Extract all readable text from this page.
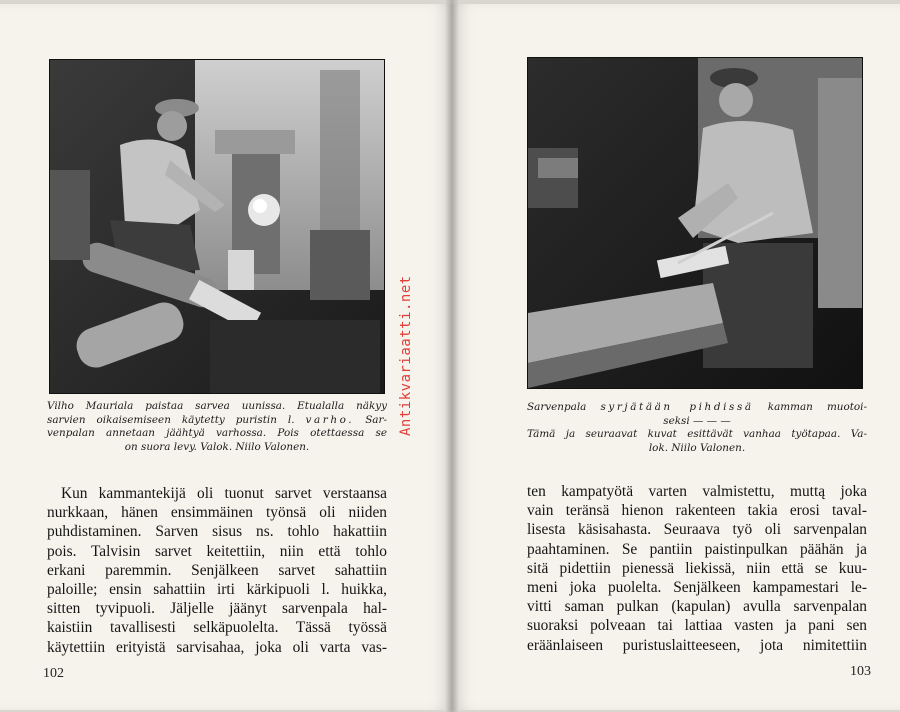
Vilho Mauriala paistaa sarvea uunissa. Etualalla näkyy
sarvien oikaisemiseen käytetty puristin l. varho. Sar-
venpalan annetaan jäähtyä varhossa. Pois otettaessa se
on suora levy. Valok. Niilo Valonen.
Kun kammantekijä oli tuonut sarvet verstaansa
nurkkaan, hänen ensimmäinen työnsä oli niiden
puhdistaminen. Sarven sisus ns. tohlo hakattiin
pois. Talvisin sarvet keitettiin, niin että tohlo
erkani paremmin. Senjälkeen sarvet sahattiin
paloille; ensin sahattiin irti kärkipuoli l. huikka,
sitten tyvipuoli. Jäljelle jäänyt sarvenpala hal-
kaistiin tavallisesti selkäpuolelta. Tässä työssä
käytettiin erityistä sarvisahaa, joka oli varta vas-
102
Sarvenpala syrjätään pihdissä kamman muotoi-
seksi — — —
Tämä ja seuraavat kuvat esittävät vanhaa työtapaa. Va-
lok. Niilo Valonen.
ten kampatyötä varten valmistettu, muttą joka
vain teränsä hienon rakenteen takia erosi taval-
lisesta käsisahasta. Seuraava työ oli sarvenpalan
paahtaminen. Se pantiin paistinpulkan päähän ja
sitä pidettiin pienessä liekissä, niin että se kuu-
meni joka puolelta. Senjälkeen kampamestari le-
vitti saman pulkan (kapulan) avulla sarvenpalan
suoraksi polveaan tai lattiaa vasten ja pani sen
eräänlaiseen puristuslaitteeseen, jota nimitettiin
103
Antikvariaatti.net
